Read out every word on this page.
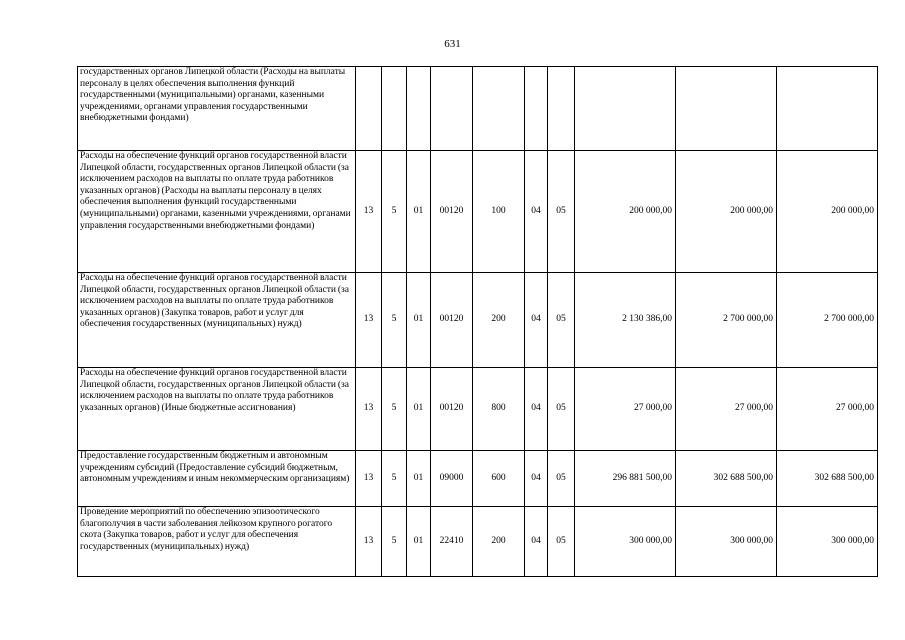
631
государственных органов Липецкой области (Расходы на выплаты персоналу в целях обеспечения выполнения функций государственными (муниципальными) органами, казенными учреждениями, органами управления государственными внебюджетными фондами)										
Расходы на обеспечение функций органов государственной власти Липецкой области, государственных органов Липецкой области (за исключением расходов на выплаты по оплате труда работников указанных органов) (Расходы на выплаты персоналу в целях обеспечения выполнения функций государственными (муниципальными) органами, казенными учреждениями, органами управления государственными внебюджетными фондами)	13	5	01	00120	100	04	05	200 000,00	200 000,00	200 000,00
Расходы на обеспечение функций органов государственной власти Липецкой области, государственных органов Липецкой области (за исключением расходов на выплаты по оплате труда работников указанных органов) (Закупка товаров, работ и услуг для обеспечения государственных (муниципальных) нужд)	13	5	01	00120	200	04	05	2 130 386,00	2 700 000,00	2 700 000,00
Расходы на обеспечение функций органов государственной власти Липецкой области, государственных органов Липецкой области (за исключением расходов на выплаты по оплате труда работников указанных органов) (Иные бюджетные ассигнования)	13	5	01	00120	800	04	05	27 000,00	27 000,00	27 000,00
Предоставление государственным бюджетным и автономным учреждениям субсидий (Предоставление субсидий бюджетным, автономным учреждениям и иным некоммерческим организациям)	13	5	01	09000	600	04	05	296 881 500,00	302 688 500,00	302 688 500,00
Проведение мероприятий по обеспечению эпизоотического благополучия в части заболевания лейкозом крупного рогатого скота (Закупка товаров, работ и услуг для обеспечения государственных (муниципальных) нужд)	13	5	01	22410	200	04	05	300 000,00	300 000,00	300 000,00
